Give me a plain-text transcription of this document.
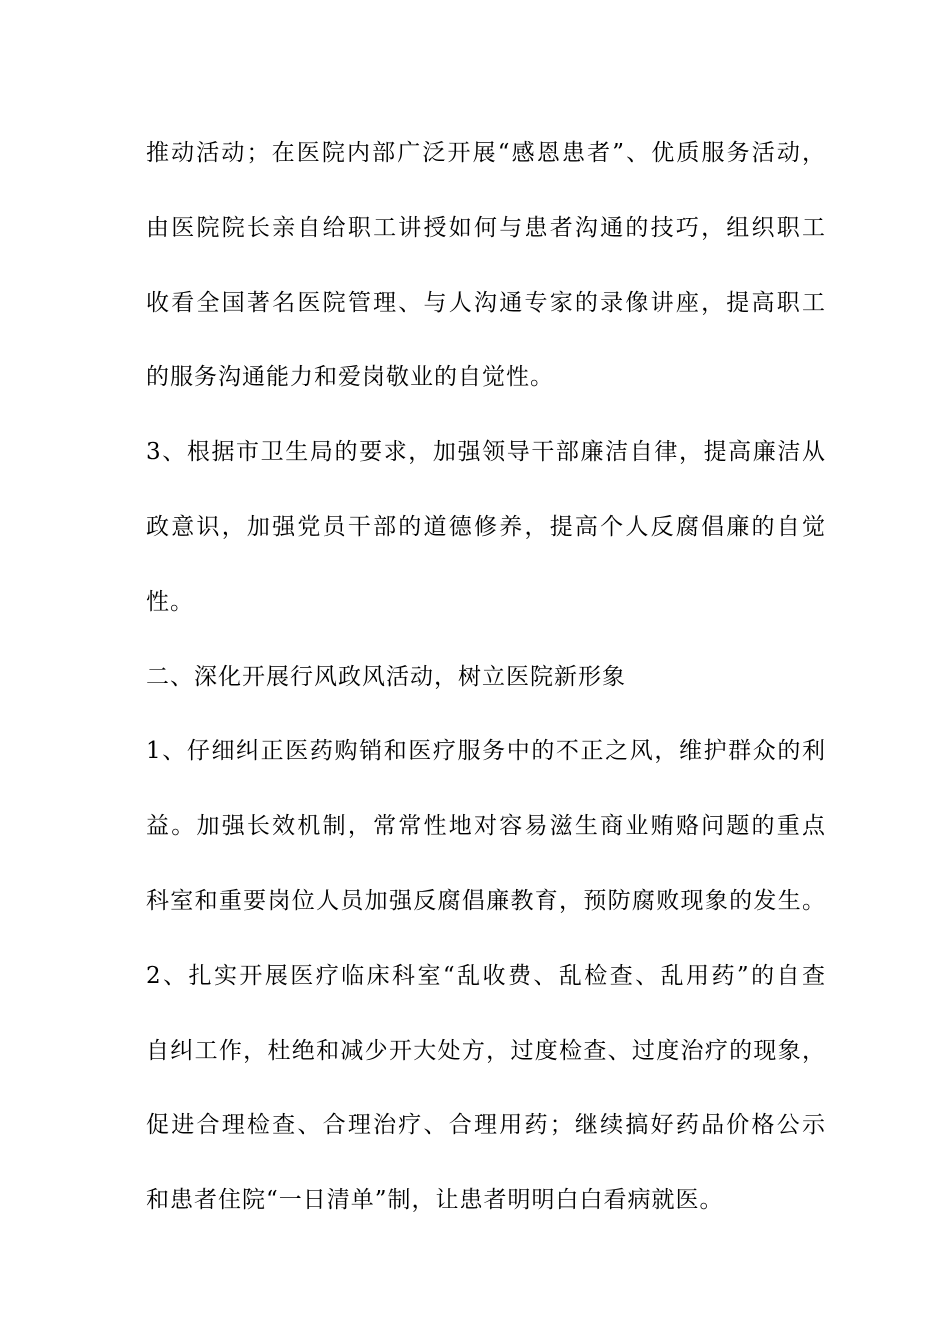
推动活动；在医院内部广泛开展“感恩患者”、优质服务活动，
由医院院长亲自给职工讲授如何与患者沟通的技巧，组织职工
收看全国著名医院管理、与人沟通专家的录像讲座，提高职工
的服务沟通能力和爱岗敬业的自觉性。
3、根据市卫生局的要求，加强领导干部廉洁自律，提高廉洁从
政意识，加强党员干部的道德修养，提高个人反腐倡廉的自觉
性。
二、深化开展行风政风活动，树立医院新形象
1、仔细纠正医药购销和医疗服务中的不正之风，维护群众的利
益。加强长效机制，常常性地对容易滋生商业贿赂问题的重点
科室和重要岗位人员加强反腐倡廉教育，预防腐败现象的发生。
2、扎实开展医疗临床科室“乱收费、乱检查、乱用药”的自查
自纠工作，杜绝和减少开大处方，过度检查、过度治疗的现象，
促进合理检查、合理治疗、合理用药；继续搞好药品价格公示
和患者住院“一日清单”制，让患者明明白白看病就医。
